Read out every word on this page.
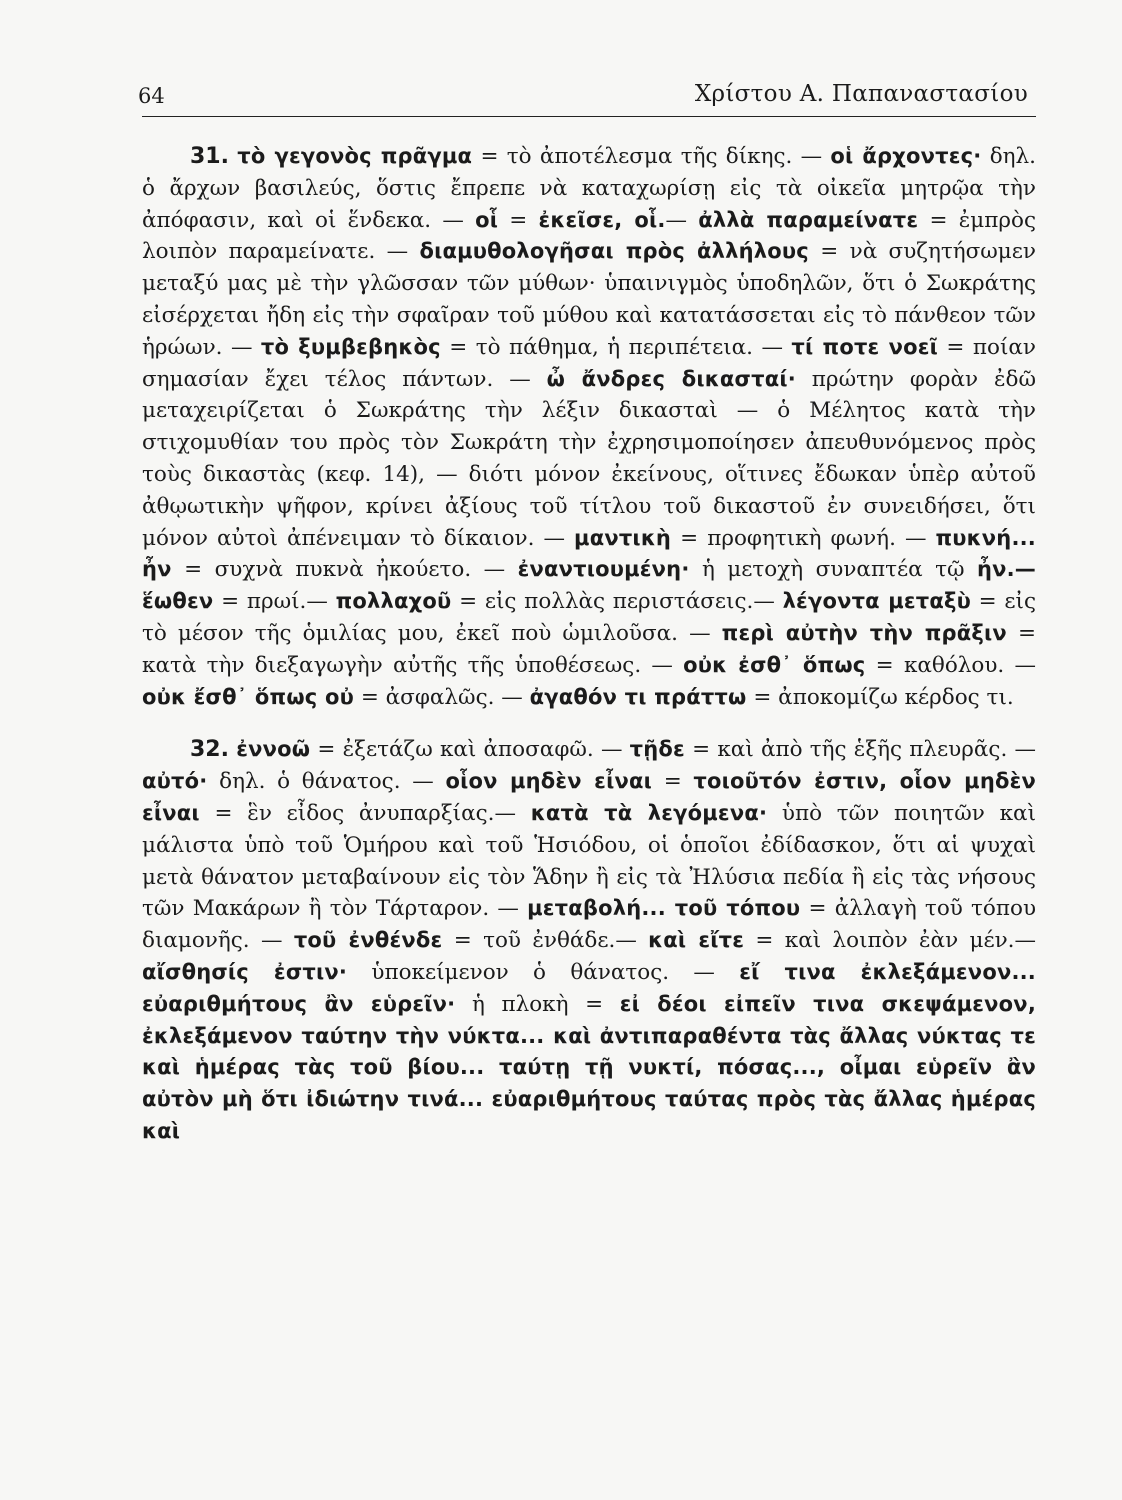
64	Χρίστου Α. Παπαναστασίου

31. τὸ γεγονὸς πρᾶγμα = τὸ ἀποτέλεσμα τῆς δίκης. — οἱ ἄρχοντες· δηλ. ὁ ἄρχων βασιλεύς, ὅστις ἔπρεπε νὰ καταχωρίσῃ εἰς τὰ οἰκεῖα μητρῷα τὴν ἀπόφασιν, καὶ οἱ ἕνδεκα. — οἷ = ἐκεῖσε, οἷ.— ἀλλὰ παραμείνατε = ἐμπρὸς λοιπὸν παραμείνατε. — διαμυθολογῆσαι πρὸς ἀλλήλους = νὰ συζητήσωμεν μεταξύ μας μὲ τὴν γλῶσσαν τῶν μύθων· ὑπαινιγμὸς ὑποδηλῶν, ὅτι ὁ Σωκράτης εἰσέρχεται ἤδη εἰς τὴν σφαῖραν τοῦ μύθου καὶ κατατάσσεται εἰς τὸ πάνθεον τῶν ἡρώων. — τὸ ξυμβεβηκὸς = τὸ πάθημα, ἡ περιπέτεια. — τί ποτε νοεῖ = ποίαν σημασίαν ἔχει τέλος πάντων. — ὦ ἄνδρες δικασταί· πρώτην φορὰν ἐδῶ μεταχειρίζεται ὁ Σωκράτης τὴν λέξιν δικασταὶ — ὁ Μέλητος κατὰ τὴν στιχομυθίαν του πρὸς τὸν Σωκράτη τὴν ἐχρησιμοποίησεν ἀπευθυνόμενος πρὸς τοὺς δικαστὰς (κεφ. 14), — διότι μόνον ἐκείνους, οἵτινες ἔδωκαν ὑπὲρ αὐτοῦ ἀθῳωτικὴν ψῆφον, κρίνει ἀξίους τοῦ τίτλου τοῦ δικαστοῦ ἐν συνειδήσει, ὅτι μόνον αὐτοὶ ἀπένειμαν τὸ δίκαιον. — μαντικὴ = προφητικὴ φωνή. — πυκνή... ἦν = συχνὰ πυκνὰ ἠκούετο. — ἐναντιουμένη· ἡ μετοχὴ συναπτέα τῷ ἦν.—ἕωθεν = πρωί.— πολλαχοῦ = εἰς πολλὰς περιστάσεις.— λέγοντα μεταξὺ = εἰς τὸ μέσον τῆς ὁμιλίας μου, ἐκεῖ ποὺ ὡμιλοῦσα. — περὶ αὐτὴν τὴν πρᾶξιν = κατὰ τὴν διεξαγωγὴν αὐτῆς τῆς ὑποθέσεως. — οὐκ ἐσθ᾽ ὅπως = καθόλου. — οὐκ ἔσθ᾽ ὅπως οὐ = ἀσφαλῶς. — ἀγαθόν τι πράττω = ἀποκομίζω κέρδος τι.

32. ἐννοῶ = ἐξετάζω καὶ ἀποσαφῶ. — τῇδε = καὶ ἀπὸ τῆς ἑξῆς πλευρᾶς. — αὐτό· δηλ. ὁ θάνατος. — οἷον μηδὲν εἶναι = τοιοῦτόν ἐστιν, οἷον μηδὲν εἶναι = ἓν εἶδος ἀνυπαρξίας.— κατὰ τὰ λεγόμενα· ὑπὸ τῶν ποιητῶν καὶ μάλιστα ὑπὸ τοῦ Ὁμήρου καὶ τοῦ Ἡσιόδου, οἱ ὁποῖοι ἐδίδασκον, ὅτι αἱ ψυχαὶ μετὰ θάνατον μεταβαίνουν εἰς τὸν Ἅδην ἢ εἰς τὰ Ἠλύσια πεδία ἢ εἰς τὰς νήσους τῶν Μακάρων ἢ τὸν Τάρταρον. — μεταβολή... τοῦ τόπου = ἀλλαγὴ τοῦ τόπου διαμονῆς. — τοῦ ἐνθένδε = τοῦ ἐνθάδε.— καὶ εἴτε = καὶ λοιπὸν ἐὰν μέν.— αἴσθησίς ἐστιν· ὑποκείμενον ὁ θάνατος. — εἴ τινα ἐκλεξάμενον... εὐαριθμήτους ἂν εὑρεῖν· ἡ πλοκὴ = εἰ δέοι εἰπεῖν τινα σκεψάμενον, ἐκλεξάμενον ταύτην τὴν νύκτα... καὶ ἀντιπαραθέντα τὰς ἄλλας νύκτας τε καὶ ἡμέρας τὰς τοῦ βίου... ταύτῃ τῇ νυκτί, πόσας..., οἶμαι εὑρεῖν ἂν αὐτὸν μὴ ὅτι ἰδιώτην τινά... εὐαριθμήτους ταύτας πρὸς τὰς ἄλλας ἡμέρας καὶ
